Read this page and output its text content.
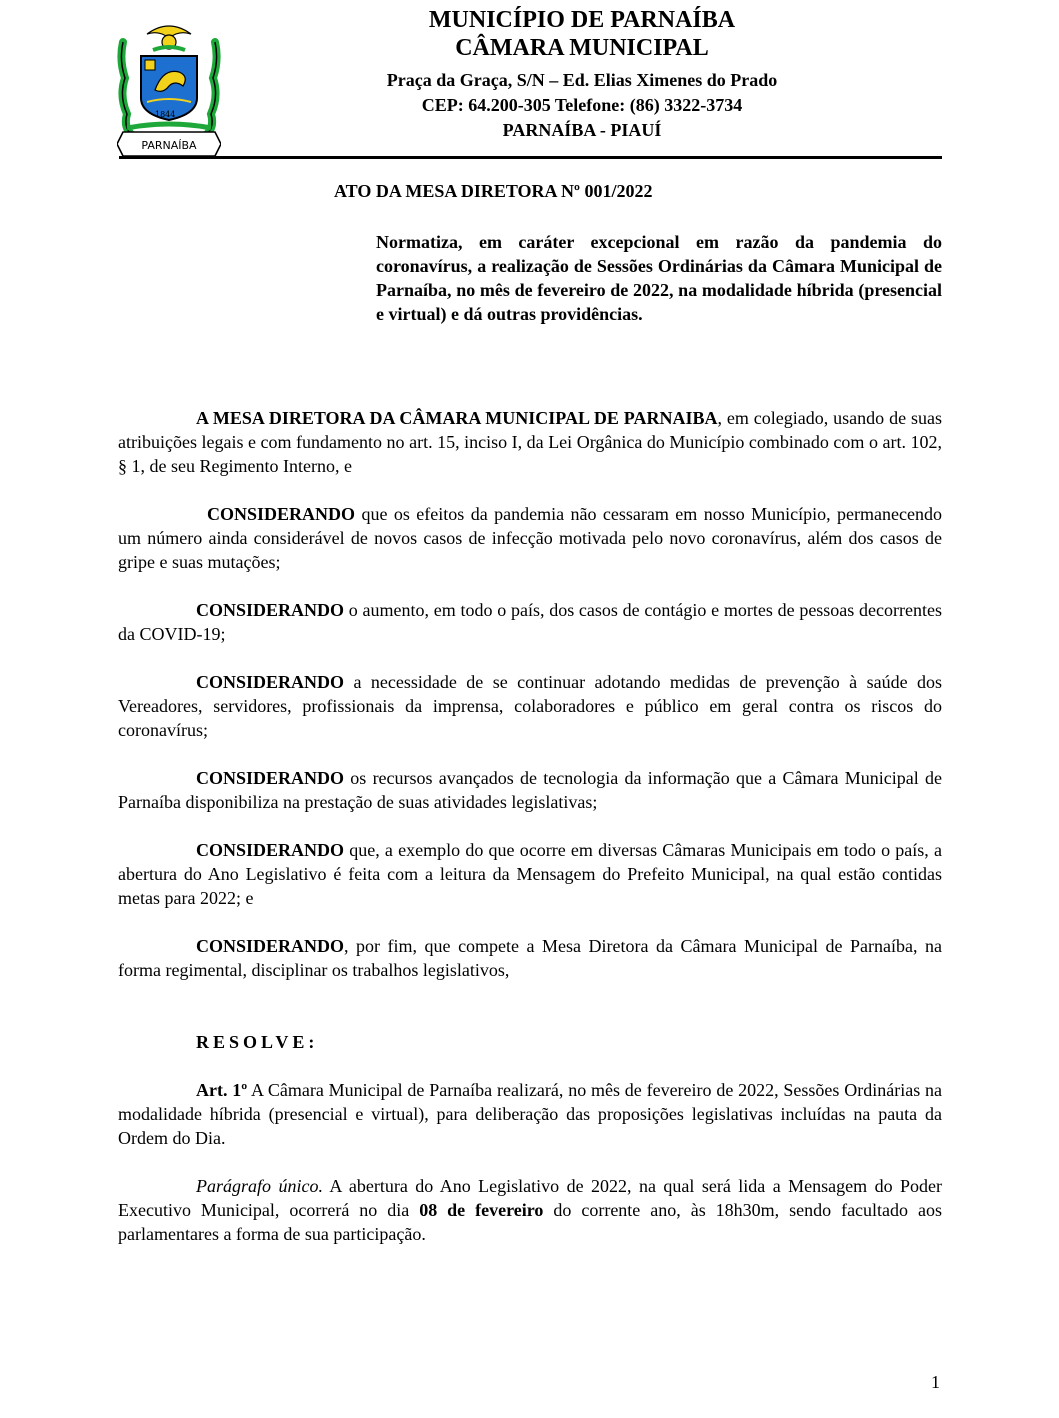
1844
PARNAÍBA
MUNICÍPIO DE PARNAÍBA
CÂMARA MUNICIPAL
Praça da Graça, S/N – Ed. Elias Ximenes do Prado
CEP: 64.200-305 Telefone: (86) 3322-3734
PARNAÍBA - PIAUÍ
ATO DA MESA DIRETORA Nº 001/2022
Normatiza, em caráter excepcional em razão da pandemia do coronavírus, a realização de Sessões Ordinárias da Câmara Municipal de Parnaíba, no mês de fevereiro de 2022, na modalidade híbrida (presencial e virtual) e dá outras providências.

A MESA DIRETORA DA CÂMARA MUNICIPAL DE PARNAIBA, em colegiado, usando de suas atribuições legais e com fundamento no art. 15, inciso I, da Lei Orgânica do Município combinado com o art. 102, § 1, de seu Regimento Interno, e

CONSIDERANDO que os efeitos da pandemia não cessaram em nosso Município, permanecendo um número ainda considerável de novos casos de infecção motivada pelo novo coronavírus, além dos casos de gripe e suas mutações;

CONSIDERANDO o aumento, em todo o país, dos casos de contágio e mortes de pessoas decorrentes da COVID-19;

CONSIDERANDO a necessidade de se continuar adotando medidas de prevenção à saúde dos Vereadores, servidores, profissionais da imprensa, colaboradores e público em geral contra os riscos do coronavírus;

CONSIDERANDO os recursos avançados de tecnologia da informação que a Câmara Municipal de Parnaíba disponibiliza na prestação de suas atividades legislativas;

CONSIDERANDO que, a exemplo do que ocorre em diversas Câmaras Municipais em todo o país, a abertura do Ano Legislativo é feita com a leitura da Mensagem do Prefeito Municipal, na qual estão contidas metas para 2022; e

CONSIDERANDO, por fim, que compete a Mesa Diretora da Câmara Municipal de Parnaíba, na forma regimental, disciplinar os trabalhos legislativos,

RESOLVE:

Art. 1º A Câmara Municipal de Parnaíba realizará, no mês de fevereiro de 2022, Sessões Ordinárias na modalidade híbrida (presencial e virtual), para deliberação das proposições legislativas incluídas na pauta da Ordem do Dia.

Parágrafo único. A abertura do Ano Legislativo de 2022, na qual será lida a Mensagem do Poder Executivo Municipal, ocorrerá no dia 08 de fevereiro do corrente ano, às 18h30m, sendo facultado aos parlamentares a forma de sua participação.

1
